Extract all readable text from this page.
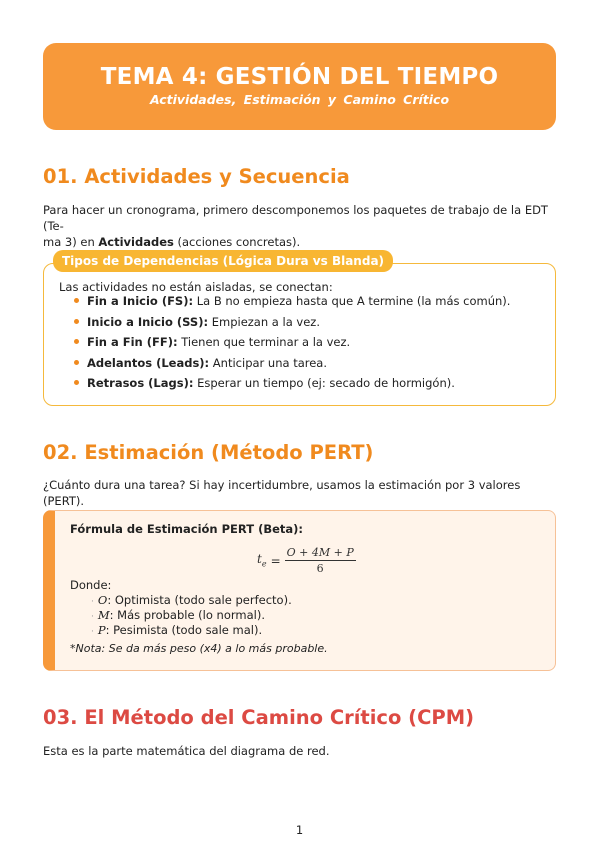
TEMA 4: GESTIÓN DEL TIEMPO
Actividades, Estimación y Camino Crítico
01. Actividades y Secuencia
Para hacer un cronograma, primero descomponemos los paquetes de trabajo de la EDT (Te-
ma 3) en Actividades (acciones concretas).
Tipos de Dependencias (Lógica Dura vs Blanda)
Las actividades no están aisladas, se conectan:
Fin a Inicio (FS): La B no empieza hasta que A termine (la más común).
Inicio a Inicio (SS): Empiezan a la vez.
Fin a Fin (FF): Tienen que terminar a la vez.
Adelantos (Leads): Anticipar una tarea.
Retrasos (Lags): Esperar un tiempo (ej: secado de hormigón).
02. Estimación (Método PERT)
¿Cuánto dura una tarea? Si hay incertidumbre, usamos la estimación por 3 valores (PERT).
Fórmula de Estimación PERT (Beta):
$t_e = \frac{O + 4M + P}{6}$
Donde:
· O: Optimista (todo sale perfecto).
· M: Más probable (lo normal).
· P: Pesimista (todo sale mal).
*Nota: Se da más peso (x4) a lo más probable.
03. El Método del Camino Crítico (CPM)
Esta es la parte matemática del diagrama de red.
1
